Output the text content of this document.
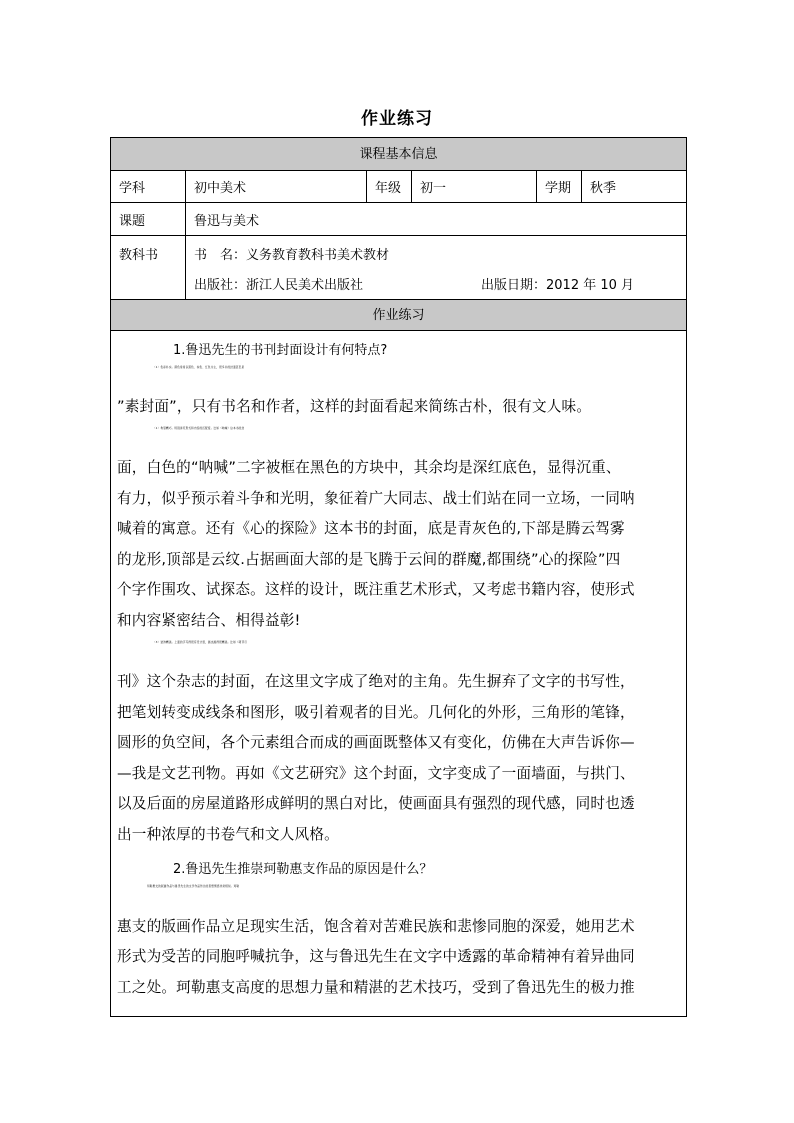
作业练习
课程基本信息
学科	初中美术	年级	初一	学期	秋季
课题	鲁迅与美术
教科书	书　名：义务教育教科书美术教材
出版社：浙江人民美术出版社	出版日期：2012 年 10 月
作业练习
1.鲁迅先生的书刊封面设计有何特点?
（1）色彩朴实。颜色常常以黑色、棕色、红色为主，很多书的封面甚至是
”素封面”，只有书名和作者，这样的封面看起来简练古朴，很有文人味。
（1）构思精巧。特别讲究形式和内容的匹配度。比如《呐喊》这本书的封
面，白色的“呐喊”二字被框在黑色的方块中，其余均是深红底色，显得沉重、
有力，似乎预示着斗争和光明，象征着广大同志、战士们站在同一立场，一同呐
喊着的寓意。还有《心的探险》这本书的封面，底是青灰色的,下部是腾云驾雾
的龙形,顶部是云纹.占据画面大部的是飞腾于云间的群魔,都围绕”心的探险”四
个字作围攻、试探态。这样的设计，既注重艺术形式，又考虑书籍内容，使形式
和内容紧密结合、相得益彰!
（3）装饰精美。上面的字写得很有设计感，画也画得很精美。比如《萌芽月
刊》这个杂志的封面，在这里文字成了绝对的主角。先生摒弃了文字的书写性，
把笔划转变成线条和图形，吸引着观者的目光。几何化的外形，三角形的笔锋，
圆形的负空间，各个元素组合而成的画面既整体又有变化，仿佛在大声告诉你—
—我是文艺刊物。再如《文艺研究》这个封面，文字变成了一面墙面，与拱门、
以及后面的房屋道路形成鲜明的黑白对比，使画面具有强烈的现代感，同时也透
出一种浓厚的书卷气和文人风格。
2.鲁迅先生推崇珂勒惠支作品的原因是什么？
珂勒惠支的版画作品与鲁迅先生的文学作品传达的思想情感非常相似。珂勒
惠支的版画作品立足现实生活，饱含着对苦难民族和悲惨同胞的深爱，她用艺术
形式为受苦的同胞呼喊抗争，这与鲁迅先生在文字中透露的革命精神有着异曲同
工之处。珂勒惠支高度的思想力量和精湛的艺术技巧，受到了鲁迅先生的极力推
